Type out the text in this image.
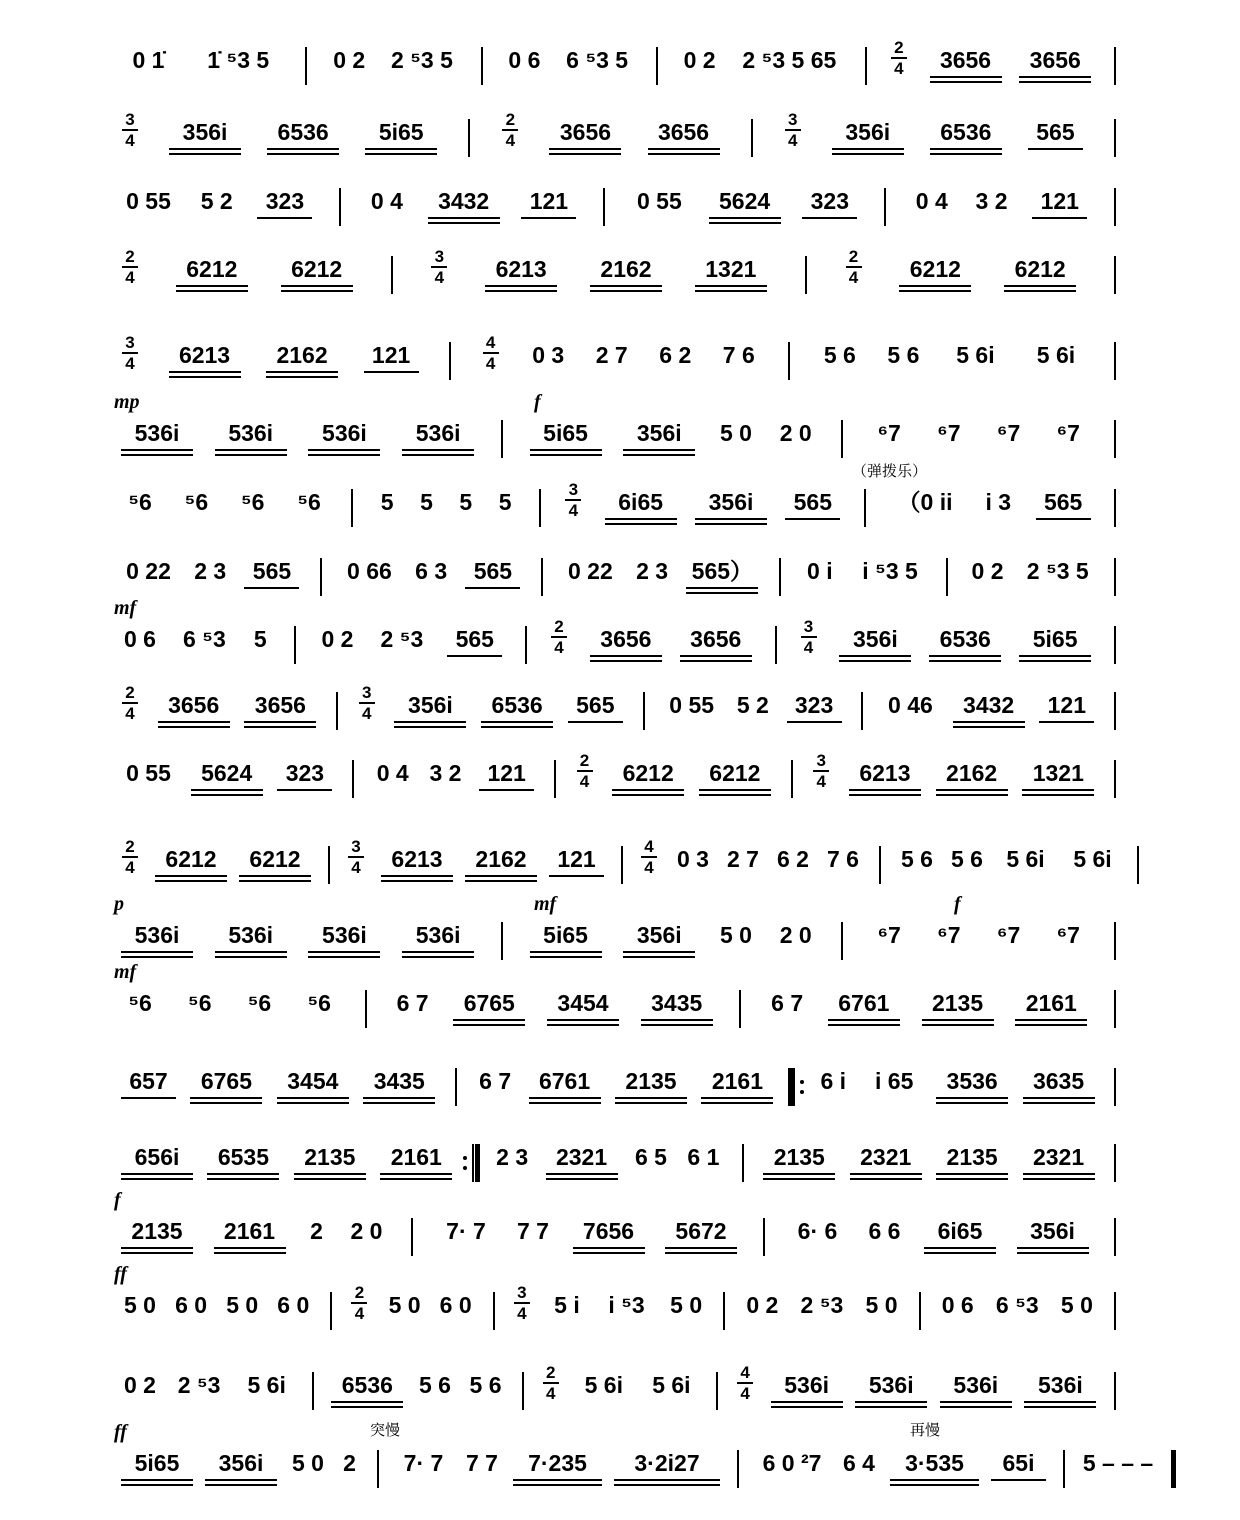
0 1̇	1̇ ⁵3 5	0 2	2 ⁵3 5	0 6	6 ⁵3 5	0 2	2 ⁵3 5 65	2
4	3656	3656
3
4	356i	6536	5i65	2
4	3656	3656	3
4	356i	6536	565
0 55	5 2	323	0 4	3432	121	0 55	5624	323	0 4 3 2	121
2
4	6212	6212	3
4	6213	2162	1321	2
4	6212	6212
3
4	6213	2162	121	4
4 0 3 2 7 6 2 7 6	5 6 5 6	5 6i	5 6i
536i	536i	536i	536i	5i65	356i	5 0 2 0	⁶7	⁶7	⁶7	⁶7
mp	f
⁵6	⁵6	⁵6	⁵6	5	5	5	5	3
4	6i65	356i	565	（0 ii	i 3	565
（弹拨乐）
0 22	2 3	565	0 66	6 3	565	0 22	2 3	565）	0 i	i ⁵3 5	0 2	2 ⁵3 5
0 6	6 ⁵3	5	0 2	2 ⁵3	565	2
4	3656	3656	3
4	356i	6536	5i65
mf
2
4	3656	3656	3
4	356i	6536	565	0 55 5 2	323	0 46	3432	121
0 55	5624	323	0 4 3 2	121	2
4	6212	6212	3
4	6213	2162	1321
2
4	6212	6212	3
4	6213	2162	121	4
4 0 3 2 7 6 2 7 6 5 6 5 6	5 6i	5 6i
536i	536i	536i	536i	5i65	356i	5 0 2 0	⁶7	⁶7	⁶7	⁶7
p	mf	f
⁵6	⁵6	⁵6	⁵6	6 7	6765	3454	3435	6 7	6761	2135	2161
mf
657	6765	3454	3435	6 7	6761	2135	2161	6 i	i 65	3536	3635
656i	6535	2135	2161	2 3	2321	6 5 6 1	2135	2321	2135	2321
2135	2161	2	2 0	7· 7	7 7	7656	5672	6· 6	6 6	6i65	356i
f
5 0 6 0 5 0 6 0	2
4 5 0 6 0	3
4	5 i	i ⁵3	5 0 0 2 2 ⁵3 5 0 0 6 6 ⁵3 5 0
ff
0 2 2 ⁵3	5 6i	6536	5 6 5 6	2
4	5 6i	5 6i	4
4	536i	536i	536i	536i
5i65	356i	5 0 2	7· 7 7 7	7·235	3·2i27	6 0 ²7 6 4	3·535	65i	5 – – –
ff	突慢	再慢
